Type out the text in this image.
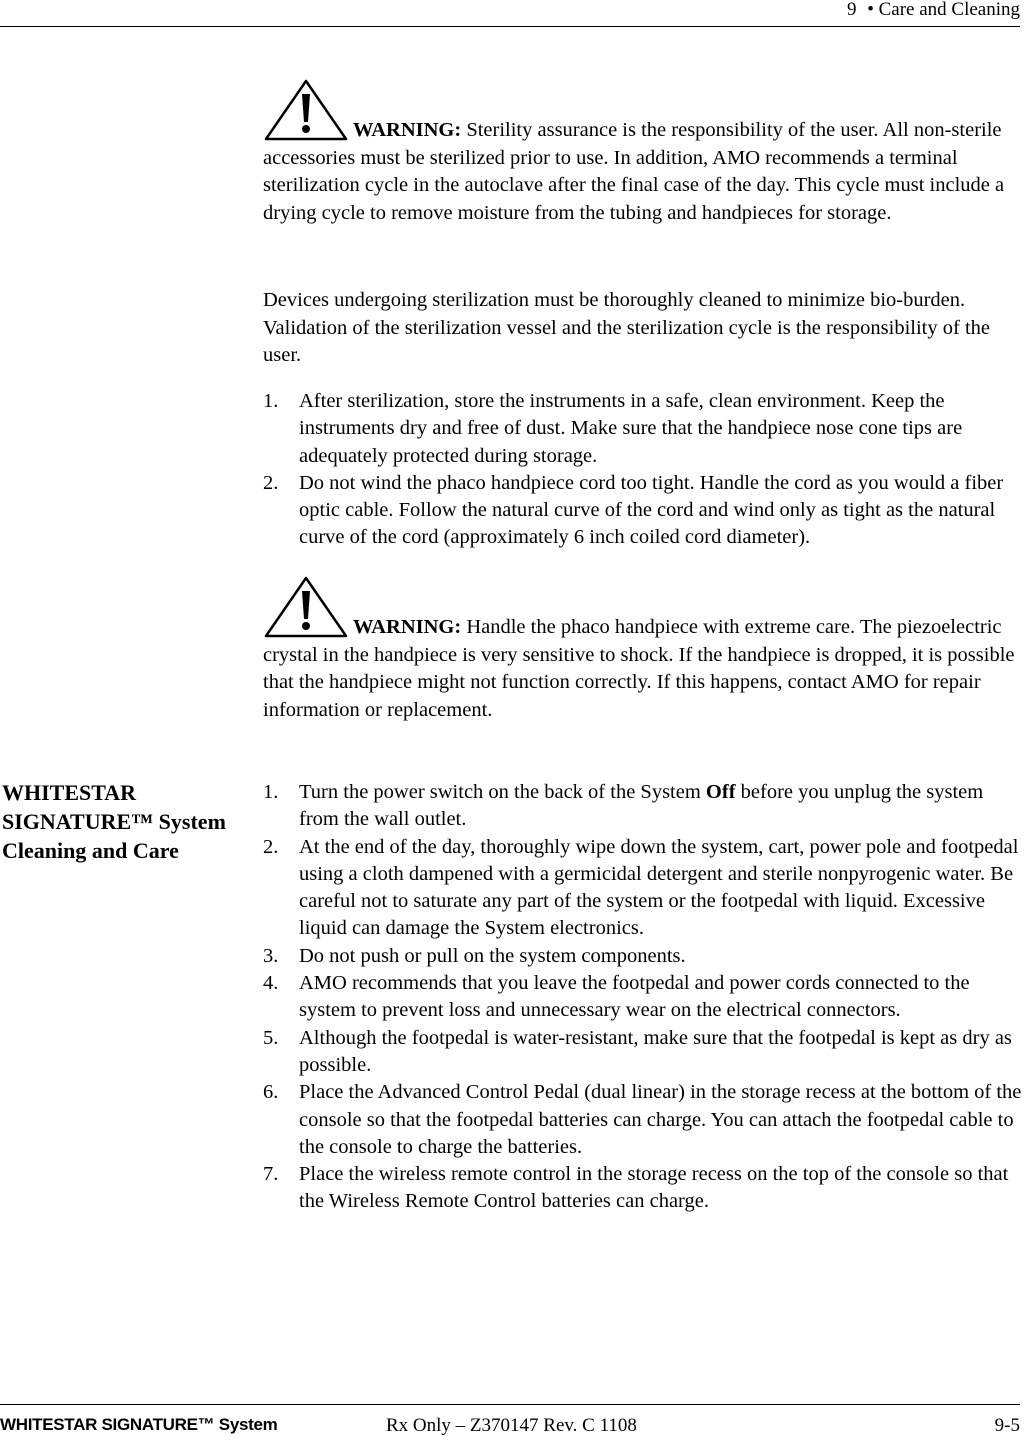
9 • Care and Cleaning
WARNING: Sterility assurance is the responsibility of the user. All non-sterile accessories must be sterilized prior to use. In addition, AMO recommends a terminal sterilization cycle in the autoclave after the final case of the day. This cycle must include a drying cycle to remove moisture from the tubing and handpieces for storage.
Devices undergoing sterilization must be thoroughly cleaned to minimize bio-burden. Validation of the sterilization vessel and the sterilization cycle is the responsibility of the user.
1. After sterilization, store the instruments in a safe, clean environment. Keep the instruments dry and free of dust. Make sure that the handpiece nose cone tips are adequately protected during storage.
2. Do not wind the phaco handpiece cord too tight. Handle the cord as you would a fiber optic cable. Follow the natural curve of the cord and wind only as tight as the natural curve of the cord (approximately 6 inch coiled cord diameter).
WARNING: Handle the phaco handpiece with extreme care. The piezoelectric crystal in the handpiece is very sensitive to shock. If the handpiece is dropped, it is possible that the handpiece might not function correctly. If this happens, contact AMO for repair information or replacement.
WHITESTAR SIGNATURE™ System Cleaning and Care
1. Turn the power switch on the back of the System Off before you unplug the system from the wall outlet.
2. At the end of the day, thoroughly wipe down the system, cart, power pole and footpedal using a cloth dampened with a germicidal detergent and sterile nonpyrogenic water. Be careful not to saturate any part of the system or the footpedal with liquid. Excessive liquid can damage the System electronics.
3. Do not push or pull on the system components.
4. AMO recommends that you leave the footpedal and power cords connected to the system to prevent loss and unnecessary wear on the electrical connectors.
5. Although the footpedal is water-resistant, make sure that the footpedal is kept as dry as possible.
6. Place the Advanced Control Pedal (dual linear) in the storage recess at the bottom of the console so that the footpedal batteries can charge. You can attach the footpedal cable to the console to charge the batteries.
7. Place the wireless remote control in the storage recess on the top of the console so that the Wireless Remote Control batteries can charge.
WHITESTAR SIGNATURE™ System	Rx Only – Z370147 Rev. C 1108	9-5
